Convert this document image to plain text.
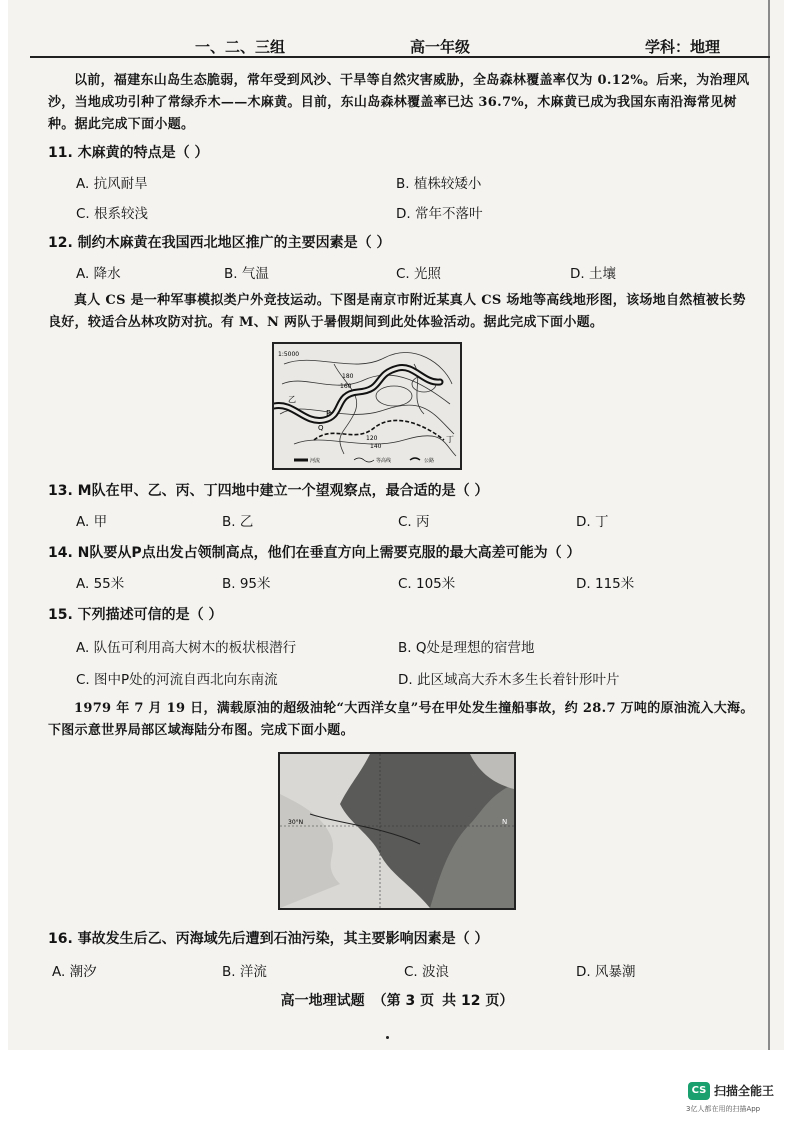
一、二、三组	高一年级	学科：地理
以前，福建东山岛生态脆弱，常年受到风沙、干旱等自然灾害威胁，全岛森林覆盖率仅为 0.12%。后来，为治理风沙，当地成功引种了常绿乔木——木麻黄。目前，东山岛森林覆盖率已达 36.7%，木麻黄已成为我国东南沿海常见树种。据此完成下面小题。
11. 木麻黄的特点是（ ）
A. 抗风耐旱	B. 植株较矮小
C. 根系较浅	D. 常年不落叶
12. 制约木麻黄在我国西北地区推广的主要因素是（ ）
A. 降水	B. 气温	C. 光照	D. 土壤
真人 CS 是一种军事模拟类户外竞技运动。下图是南京市附近某真人 CS 场地等高线地形图，该场地自然植被长势良好，较适合丛林攻防对抗。有 M、N 两队于暑假期间到此处体验活动。据此完成下面小题。
1:5000
180
160
乙
P
Q
120
140
丁
河流	等高线	公路
13. M队在甲、乙、丙、丁四地中建立一个望观察点，最合适的是（ ）
A. 甲	B. 乙	C. 丙	D. 丁
14. N队要从P点出发占领制高点，他们在垂直方向上需要克服的最大高差可能为（ ）
A. 55米	B. 95米	C. 105米	D. 115米
15. 下列描述可信的是（ ）
A. 队伍可利用高大树木的板状根潜行	B. Q处是理想的宿营地
C. 图中P处的河流自西北向东南流	D. 此区域高大乔木多生长着针形叶片
1979 年 7 月 19 日，满载原油的超级油轮“大西洋女皇”号在甲处发生撞船事故，约 28.7 万吨的原油流入大海。下图示意世界局部区域海陆分布图。完成下面小题。
30°N	N
16. 事故发生后乙、丙海域先后遭到石油污染，其主要影响因素是（ ）
A. 潮汐	B. 洋流	C. 波浪	D. 风暴潮
高一地理试题 （第 3 页 共 12 页）
CS 扫描全能王
3亿人都在用的扫描App
